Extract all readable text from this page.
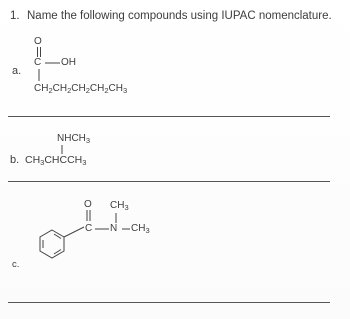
1. Name the following compounds using IUPAC nomenclature.
a.
O
C OH
$CH_2CH_2CH_2CH_2CH_3$
$NHCH_3$
b. $CH_3CHCCH_3$
O $CH_3$
C N $CH_3$
c.
